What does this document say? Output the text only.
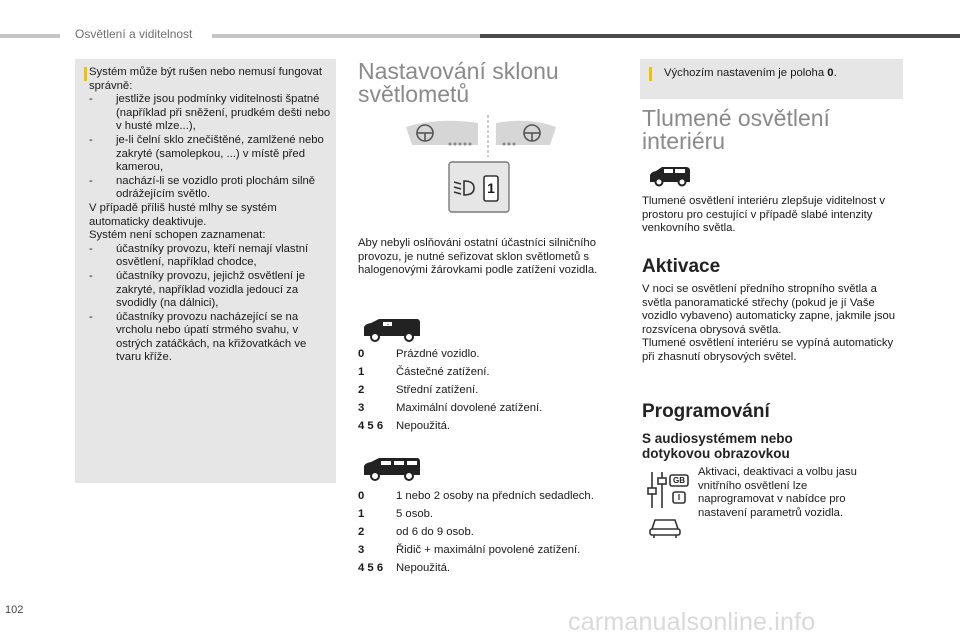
Osvětlení a viditelnost
Systém může být rušen nebo nemusí fungovat správně:
- jestliže jsou podmínky viditelnosti špatné (například při sněžení, prudkém dešti nebo v husté mlze...),
- je-li čelní sklo znečištěné, zamlžené nebo zakryté (samolepkou, ...) v místě před kamerou,
- nachází-li se vozidlo proti plochám silně odrážejícím světlo.
V případě příliš husté mlhy se systém automaticky deaktivuje.
Systém není schopen zaznamenat:
- účastníky provozu, kteří nemají vlastní osvětlení, například chodce,
- účastníky provozu, jejichž osvětlení je zakryté, například vozidla jedoucí za svodidly (na dálnici),
- účastníky provozu nacházející se na vrcholu nebo úpatí strmého svahu, v ostrých zatáčkách, na křižovatkách ve tvaru kříže.
Nastavování sklonu
světlometů
1
Aby nebyli oslňováni ostatní účastníci silničního provozu, je nutné seřizovat sklon světlometů s halogenovými žárovkami podle zatížení vozidla.
⑂
0	Prázdné vozidlo.
1	Částečné zatížení.
2	Střední zatížení.
3	Maximální dovolené zatížení.
4 5 6	Nepoužitá.
0	1 nebo 2 osoby na předních sedadlech.
1	5 osob.
2	od 6 do 9 osob.
3	Řidič + maximální povolené zatížení.
4 5 6	Nepoužitá.
Výchozím nastavením je poloha 0.
Tlumené osvětlení
interiéru
Tlumené osvětlení interiéru zlepšuje viditelnost v prostoru pro cestující v případě slabé intenzity venkovního světla.
Aktivace
V noci se osvětlení předního stropního světla a světla panoramatické střechy (pokud je jí Vaše vozidlo vybaveno) automaticky zapne, jakmile jsou rozsvícena obrysová světla.
Tlumené osvětlení interiéru se vypíná automaticky při zhasnutí obrysových světel.
Programování
S audiosystémem nebo
dotykovou obrazovkou
GB
I
Aktivaci, deaktivaci a volbu jasu vnitřního osvětlení lze naprogramovat v nabídce pro nastavení parametrů vozidla.
102	carmanualsonline.info
